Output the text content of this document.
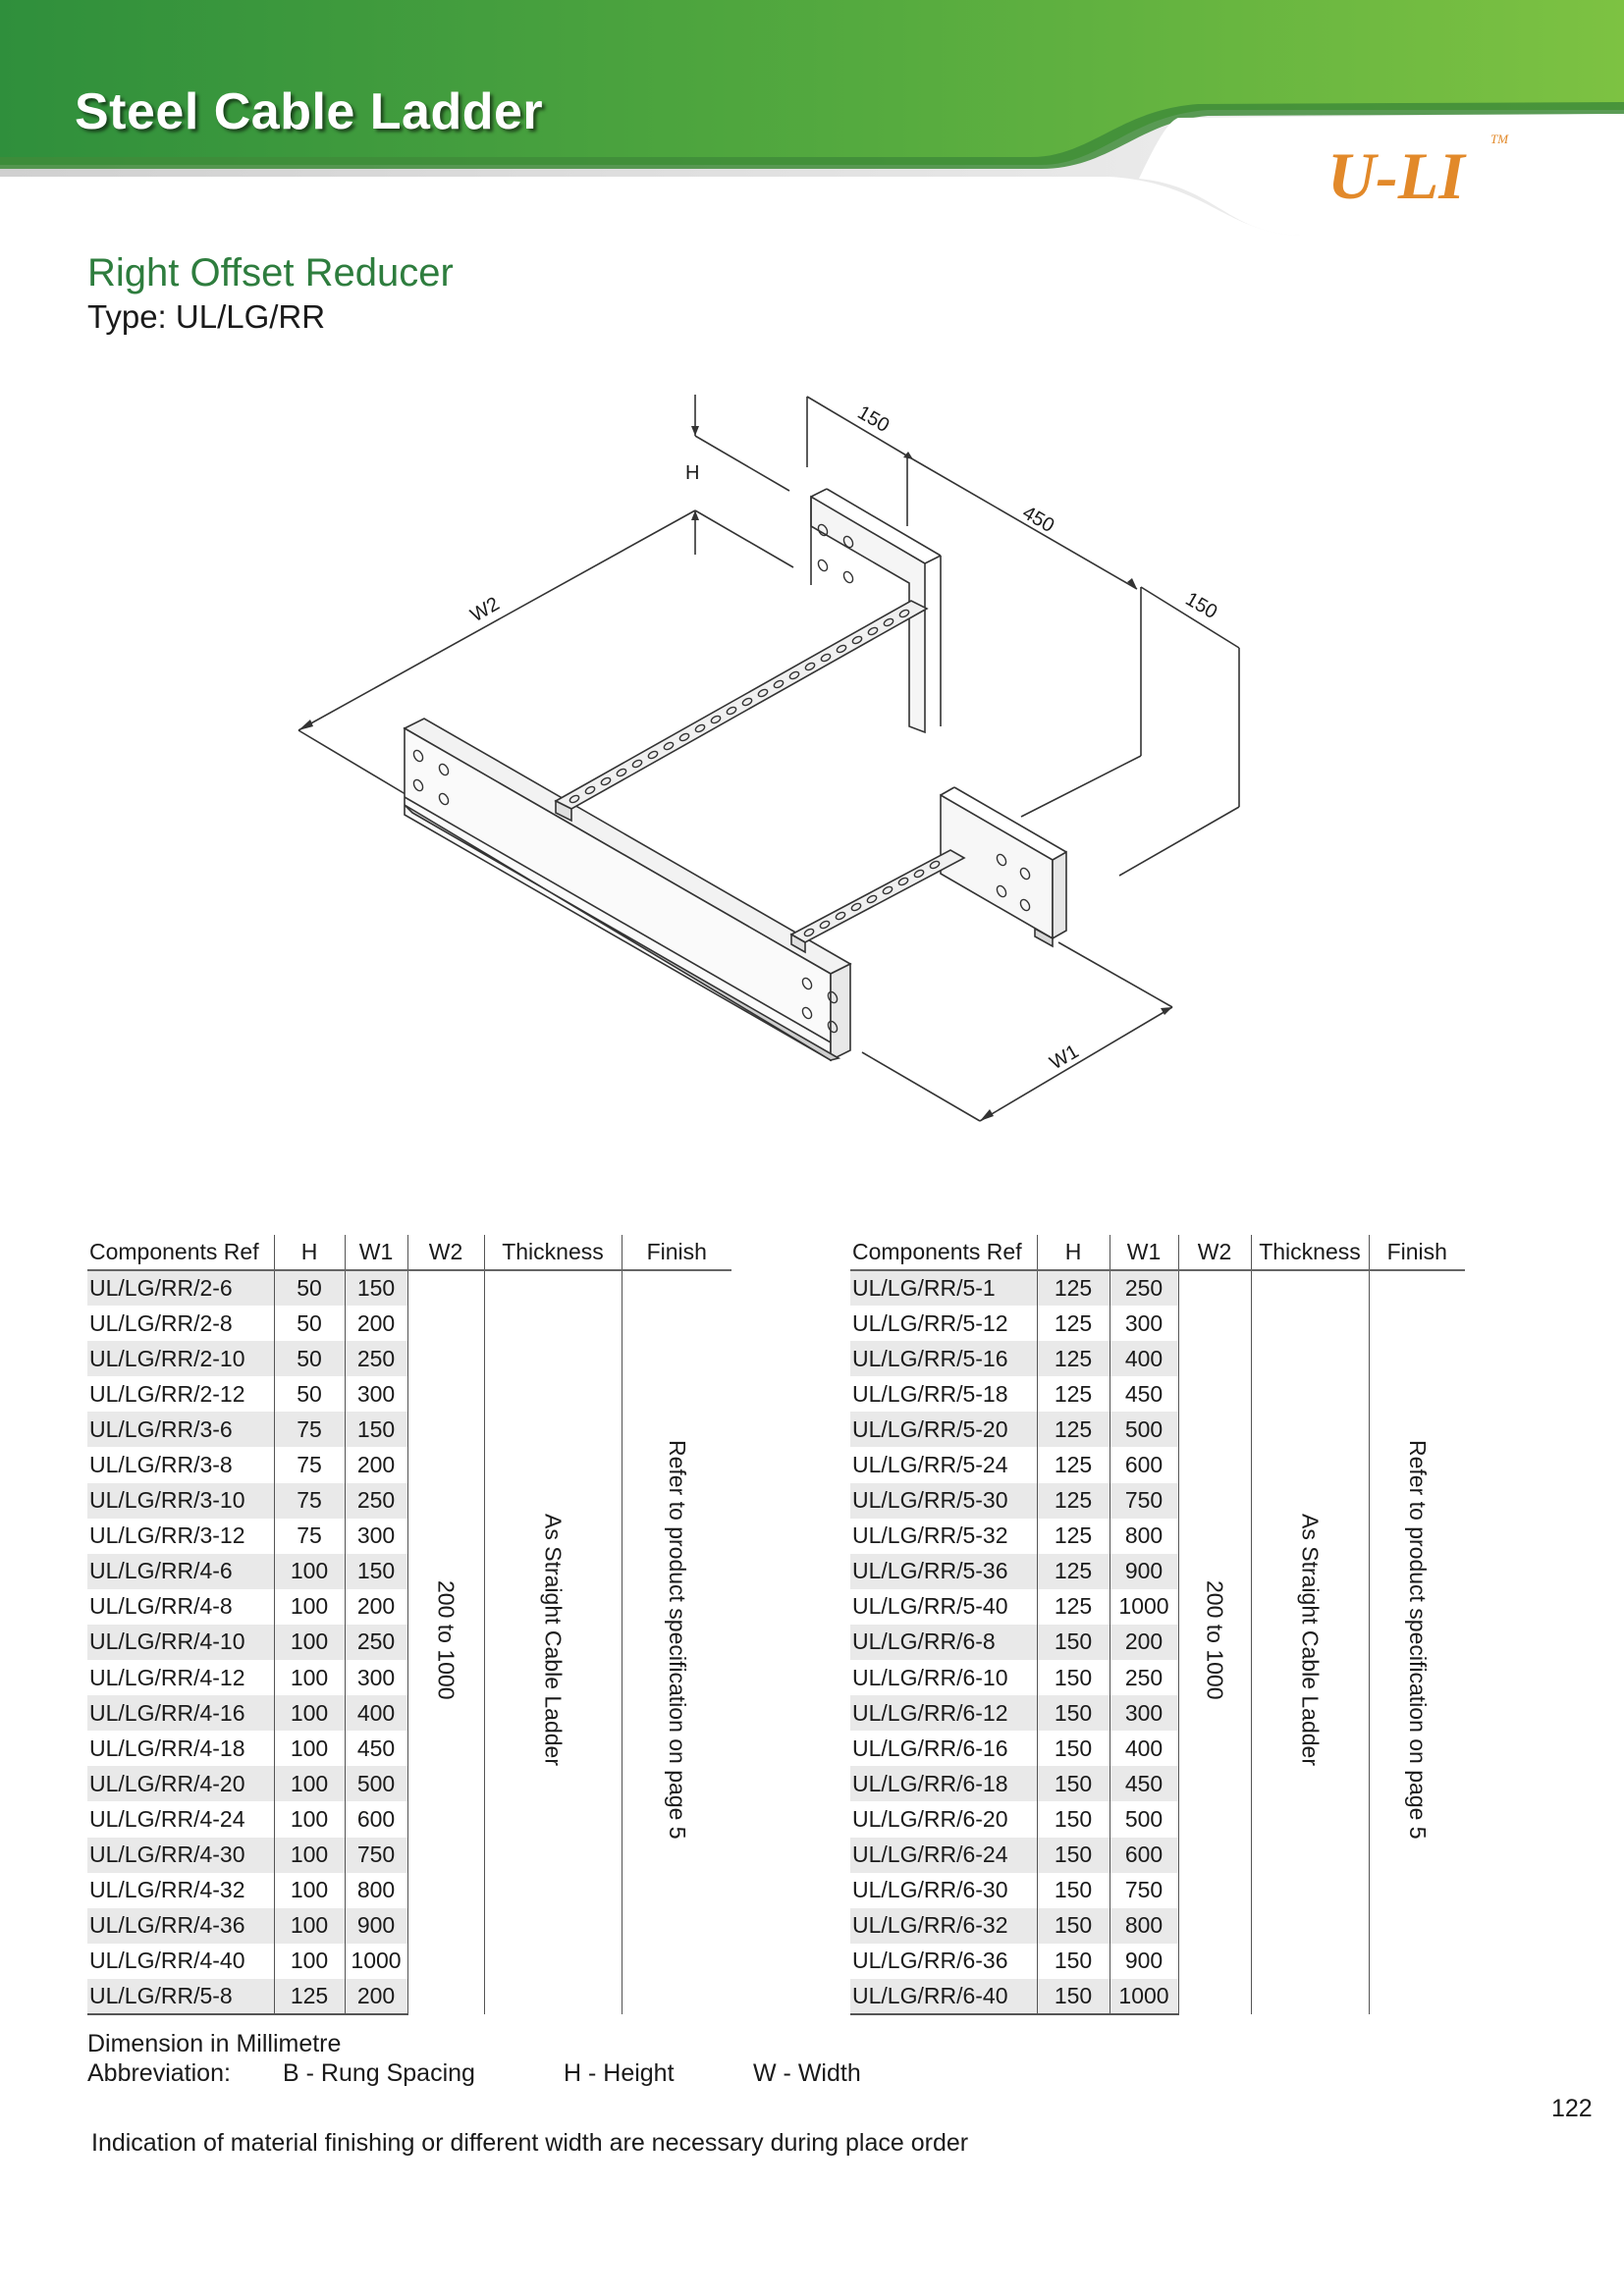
Steel Cable Ladder
U-LI TM
Right Offset Reducer
Type: UL/LG/RR
150
450
150
H
W2
W1
Components Ref	H	W1	W2	Thickness	Finish
UL/LG/RR/2-6	50	150	200 to 1000	As Straight Cable Ladder	Refer to product specification on page 5
UL/LG/RR/2-8	50	200			
UL/LG/RR/2-10	50	250			
UL/LG/RR/2-12	50	300			
UL/LG/RR/3-6	75	150			
UL/LG/RR/3-8	75	200			
UL/LG/RR/3-10	75	250			
UL/LG/RR/3-12	75	300			
UL/LG/RR/4-6	100	150			
UL/LG/RR/4-8	100	200			
UL/LG/RR/4-10	100	250			
UL/LG/RR/4-12	100	300			
UL/LG/RR/4-16	100	400			
UL/LG/RR/4-18	100	450			
UL/LG/RR/4-20	100	500			
UL/LG/RR/4-24	100	600			
UL/LG/RR/4-30	100	750			
UL/LG/RR/4-32	100	800			
UL/LG/RR/4-36	100	900			
UL/LG/RR/4-40	100	1000			
UL/LG/RR/5-8	125	200			
Components Ref	H	W1	W2	Thickness	Finish
UL/LG/RR/5-1	125	250	200 to 1000	As Straight Cable Ladder	Refer to product specification on page 5
UL/LG/RR/5-12	125	300			
UL/LG/RR/5-16	125	400			
UL/LG/RR/5-18	125	450			
UL/LG/RR/5-20	125	500			
UL/LG/RR/5-24	125	600			
UL/LG/RR/5-30	125	750			
UL/LG/RR/5-32	125	800			
UL/LG/RR/5-36	125	900			
UL/LG/RR/5-40	125	1000			
UL/LG/RR/6-8	150	200			
UL/LG/RR/6-10	150	250			
UL/LG/RR/6-12	150	300			
UL/LG/RR/6-16	150	400			
UL/LG/RR/6-18	150	450			
UL/LG/RR/6-20	150	500			
UL/LG/RR/6-24	150	600			
UL/LG/RR/6-30	150	750			
UL/LG/RR/6-32	150	800			
UL/LG/RR/6-36	150	900			
UL/LG/RR/6-40	150	1000			
Dimension in Millimetre
Abbreviation: B - Rung Spacing	H - Height	W - Width
Indication of material finishing or different width are necessary during place order
122
